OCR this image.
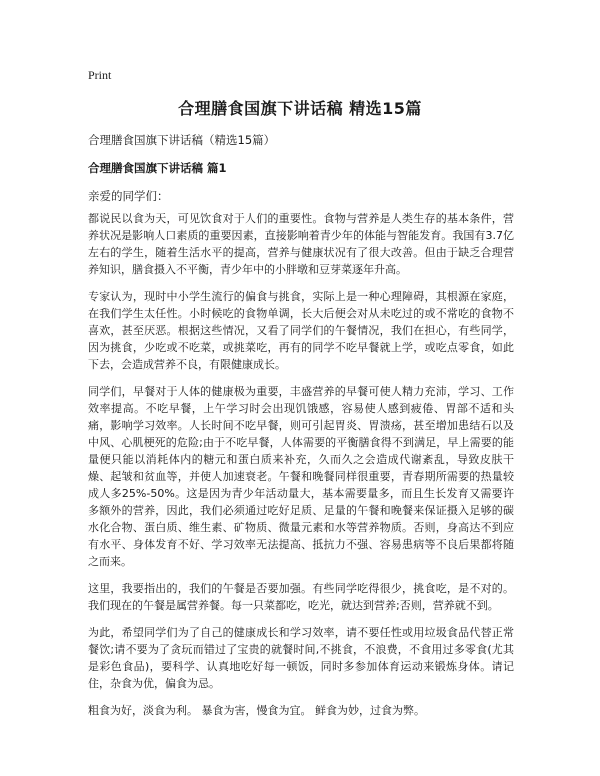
Print
合理膳食国旗下讲话稿 精选15篇
合理膳食国旗下讲话稿（精选15篇）
合理膳食国旗下讲话稿 篇1
亲爱的同学们：

都说民以食为天，可见饮食对于人们的重要性。食物与营养是人类生存的基本条件，营养状况是影响人口素质的重要因素，直接影响着青少年的体能与智能发育。我国有3.7亿左右的学生，随着生活水平的提高，营养与健康状况有了很大改善。但由于缺乏合理营养知识，膳食摄入不平衡，青少年中的小胖墩和豆芽菜逐年升高。

专家认为，现时中小学生流行的偏食与挑食，实际上是一种心理障碍，其根源在家庭，在我们学生太任性。小时候吃的食物单调，长大后便会对从未吃过的或不常吃的食物不喜欢，甚至厌恶。根据这些情况，又看了同学们的午餐情况，我们在担心，有些同学，因为挑食，少吃或不吃菜，或挑菜吃，再有的同学不吃早餐就上学，或吃点零食，如此下去，会造成营养不良，有限健康成长。

同学们，早餐对于人体的健康极为重要，丰盛营养的早餐可使人精力充沛，学习、工作效率提高。不吃早餐，上午学习时会出现饥饿感，容易使人感到疲倦、胃部不适和头痛，影响学习效率。人长时间不吃早餐，则可引起胃炎、胃溃疡，甚至增加患结石以及中风、心肌梗死的危险;由于不吃早餐，人体需要的平衡膳食得不到满足，早上需要的能量便只能以消耗体内的糖元和蛋白质来补充，久而久之会造成代谢紊乱，导致皮肤干燥、起皱和贫血等，并使人加速衰老。午餐和晚餐同样很重要，青春期所需要的热量较成人多25%-50%。这是因为青少年活动量大，基本需要量多，而且生长发育又需要许多额外的营养，因此，我们必须通过吃好足质、足量的午餐和晚餐来保证摄入足够的碳水化合物、蛋白质、维生素、矿物质、微量元素和水等营养物质。否则，身高达不到应有水平、身体发育不好、学习效率无法提高、抵抗力不强、容易患病等不良后果都将随之而来。

这里，我要指出的，我们的午餐是否要加强。有些同学吃得很少，挑食吃，是不对的。我们现在的午餐是属营养餐。每一只菜都吃，吃光，就达到营养;否则，营养就不到。

为此，希望同学们为了自己的健康成长和学习效率，请不要任性或用垃圾食品代替正常餐饮;请不要为了贪玩而错过了宝贵的就餐时间,不挑食，不浪费，不食用过多零食(尤其是彩色食品)，要科学、认真地吃好每一顿饭，同时多参加体育运动来锻炼身体。请记住，杂食为优，偏食为忌。

粗食为好，淡食为利。 暴食为害，慢食为宜。 鲜食为妙，过食为弊。
